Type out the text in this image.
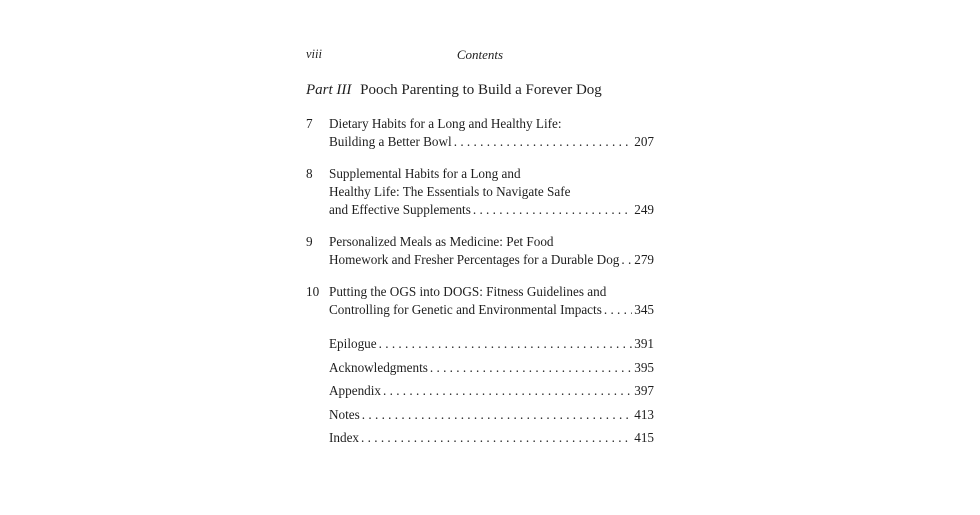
viii	Contents
Part III Pooch Parenting to Build a Forever Dog
7 Dietary Habits for a Long and Healthy Life:
Building a Better Bowl . . .	207
8 Supplemental Habits for a Long and
Healthy Life: The Essentials to Navigate Safe
and Effective Supplements . . .	249
9 Personalized Meals as Medicine: Pet Food
Homework and Fresher Percentages for a Durable Dog . . . 279
10 Putting the OGS into DOGS: Fitness Guidelines and
Controlling for Genetic and Environmental Impacts . . . 345
Epilogue . . .	391
Acknowledgments . . .	395
Appendix . . .	397
Notes . . .	413
Index . . .	415
